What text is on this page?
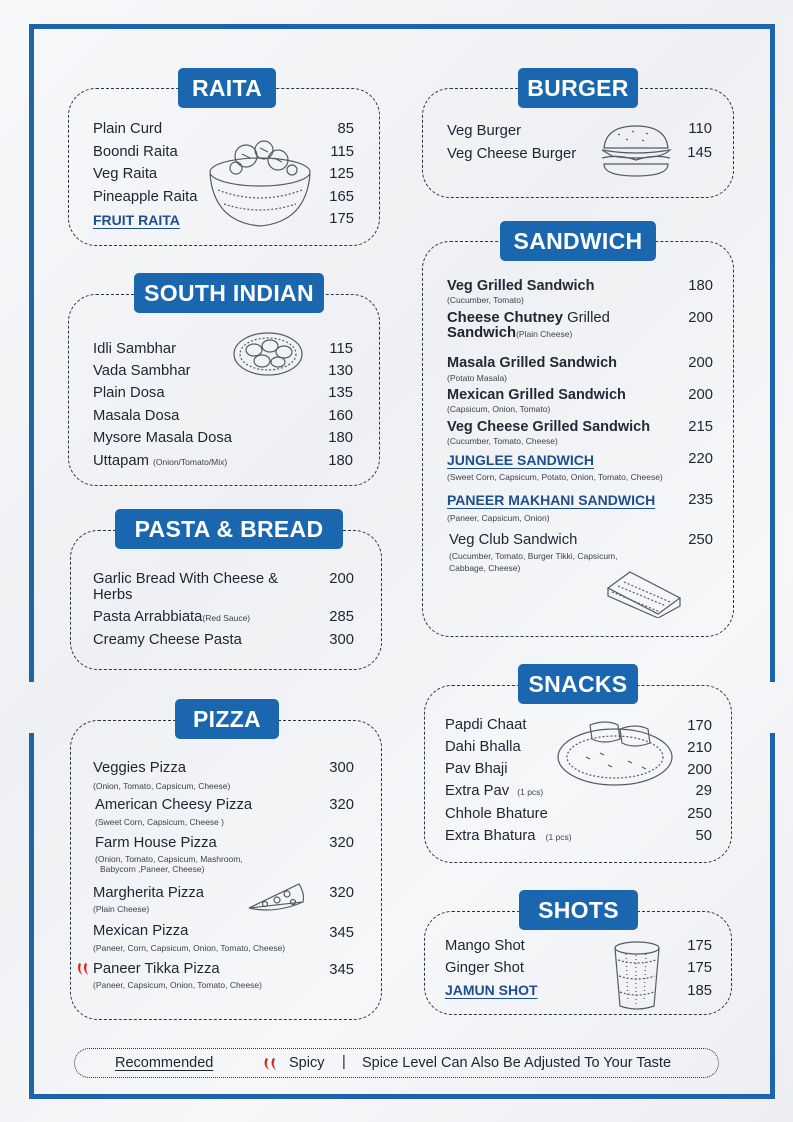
RAITA
Plain Curd	85
Boondi Raita	115
Veg Raita	125
Pineapple Raita	165
FRUIT RAITA	175
SOUTH INDIAN
Idli Sambhar	115
Vada Sambhar	130
Plain Dosa	135
Masala Dosa	160
Mysore Masala Dosa	180
Uttapam (Onion/Tomato/Mix)	180
PASTA & BREAD
Garlic Bread With Cheese & Herbs
200
Pasta Arrabbiata(Red Sauce)	285
Creamy Cheese Pasta	300
PIZZA
Veggies Pizza
(Onion, Tomato, Capsicum, Cheese)
300
American Cheesy Pizza
(Sweet Corn, Capsicum, Cheese )
320
Farm House Pizza
(Onion, Tomato, Capsicum, Mashroom,
Babycorn ,Paneer, Cheese)
320
Margherita Pizza
(Plain Cheese)
320
Mexican Pizza
(Paneer, Corn, Capsicum, Onion, Tomato, Cheese)
345
Paneer Tikka Pizza
(Paneer, Capsicum, Onion, Tomato, Cheese)
345
BURGER
Veg Burger	110
Veg Cheese Burger	145
SANDWICH
Veg Grilled Sandwich
(Cucumber, Tomato)
180
Cheese Chutney Grilled
Sandwich(Plain Cheese)
200
Masala Grilled Sandwich
(Potato Masala)
200
Mexican Grilled Sandwich
(Capsicum, Onion, Tomato)
200
Veg Cheese Grilled Sandwich
(Cucumber, Tomato, Cheese)
215
JUNGLEE SANDWICH
(Sweet Corn, Capsicum, Potato, Onion, Tomato, Cheese)
220
PANEER MAKHANI SANDWICH
(Paneer, Capsicum, Onion)
235
Veg Club Sandwich
(Cucumber, Tomato, Burger Tikki, Capsicum,
Cabbage, Cheese)
250
SNACKS
Papdi Chaat	170
Dahi Bhalla	210
Pav Bhaji	200
Extra Pav (1 pcs)	29
Chhole Bhature	250
Extra Bhatura (1 pcs)	50
SHOTS
Mango Shot	175
Ginger Shot	175
JAMUN SHOT	185
Recommended	Spicy | Spice Level Can Also Be Adjusted To Your Taste
